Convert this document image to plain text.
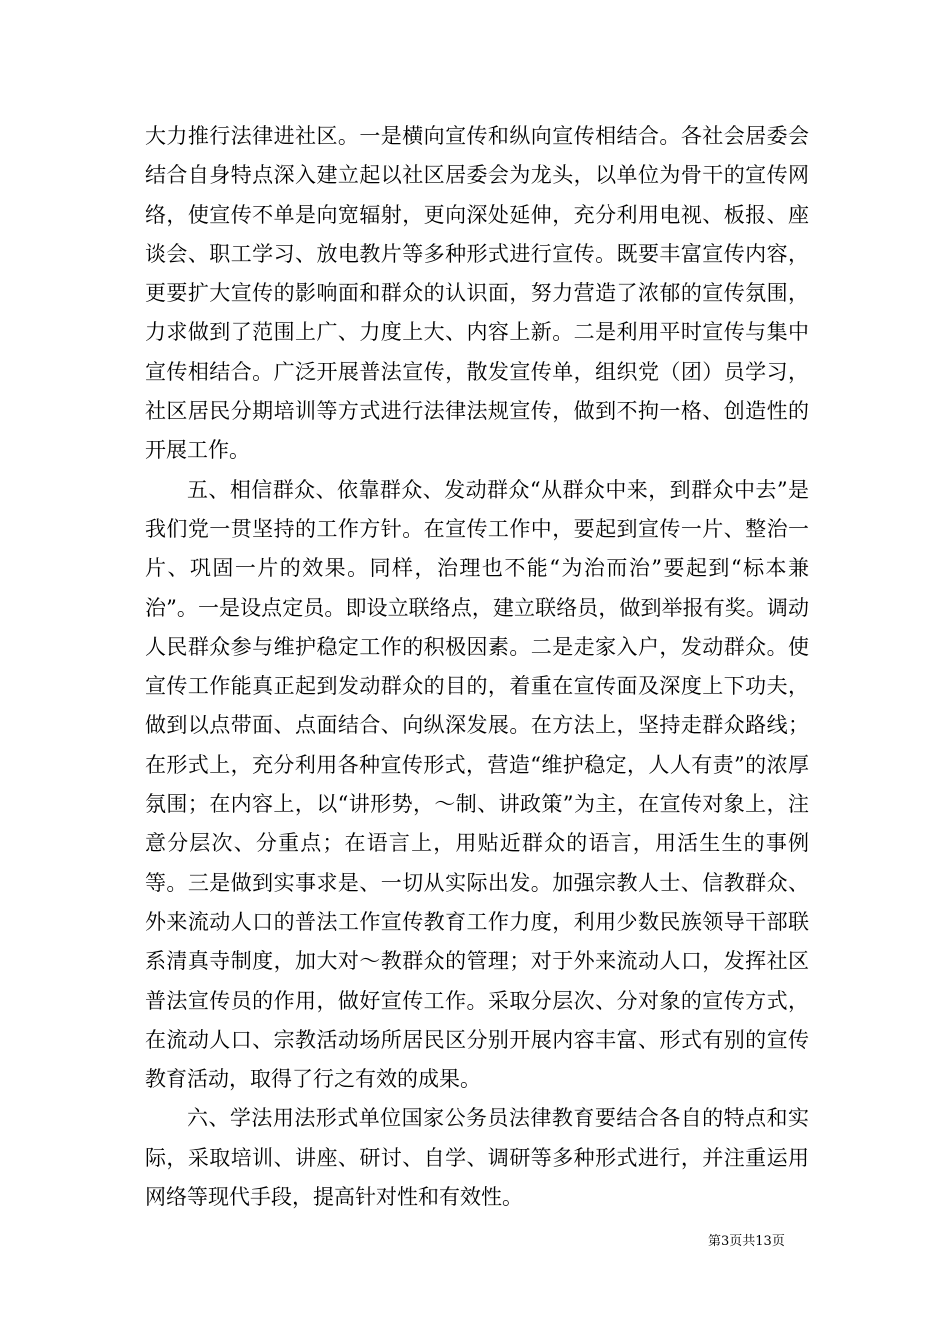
大力推行法律进社区。一是横向宣传和纵向宣传相结合。各社会居委会结合自身特点深入建立起以社区居委会为龙头，以单位为骨干的宣传网络，使宣传不单是向宽辐射，更向深处延伸，充分利用电视、板报、座谈会、职工学习、放电教片等多种形式进行宣传。既要丰富宣传内容，更要扩大宣传的影响面和群众的认识面，努力营造了浓郁的宣传氛围，力求做到了范围上广、力度上大、内容上新。二是利用平时宣传与集中宣传相结合。广泛开展普法宣传，散发宣传单，组织党（团）员学习，社区居民分期培训等方式进行法律法规宣传，做到不拘一格、创造性的开展工作。

五、相信群众、依靠群众、发动群众“从群众中来，到群众中去”是我们党一贯坚持的工作方针。在宣传工作中，要起到宣传一片、整治一片、巩固一片的效果。同样，治理也不能“为治而治”要起到“标本兼治”。一是设点定员。即设立联络点，建立联络员，做到举报有奖。调动人民群众参与维护稳定工作的积极因素。二是走家入户，发动群众。使宣传工作能真正起到发动群众的目的，着重在宣传面及深度上下功夫，做到以点带面、点面结合、向纵深发展。在方法上，坚持走群众路线；在形式上，充分利用各种宣传形式，营造“维护稳定，人人有责”的浓厚氛围；在内容上，以“讲形势，～制、讲政策”为主，在宣传对象上，注意分层次、分重点；在语言上，用贴近群众的语言，用活生生的事例等。三是做到实事求是、一切从实际出发。加强宗教人士、信教群众、外来流动人口的普法工作宣传教育工作力度，利用少数民族领导干部联系清真寺制度，加大对～教群众的管理；对于外来流动人口，发挥社区普法宣传员的作用，做好宣传工作。采取分层次、分对象的宣传方式，在流动人口、宗教活动场所居民区分别开展内容丰富、形式有别的宣传教育活动，取得了行之有效的成果。

六、学法用法形式单位国家公务员法律教育要结合各自的特点和实际，采取培训、讲座、研讨、自学、调研等多种形式进行，并注重运用网络等现代手段，提高针对性和有效性。

第3页共13页
